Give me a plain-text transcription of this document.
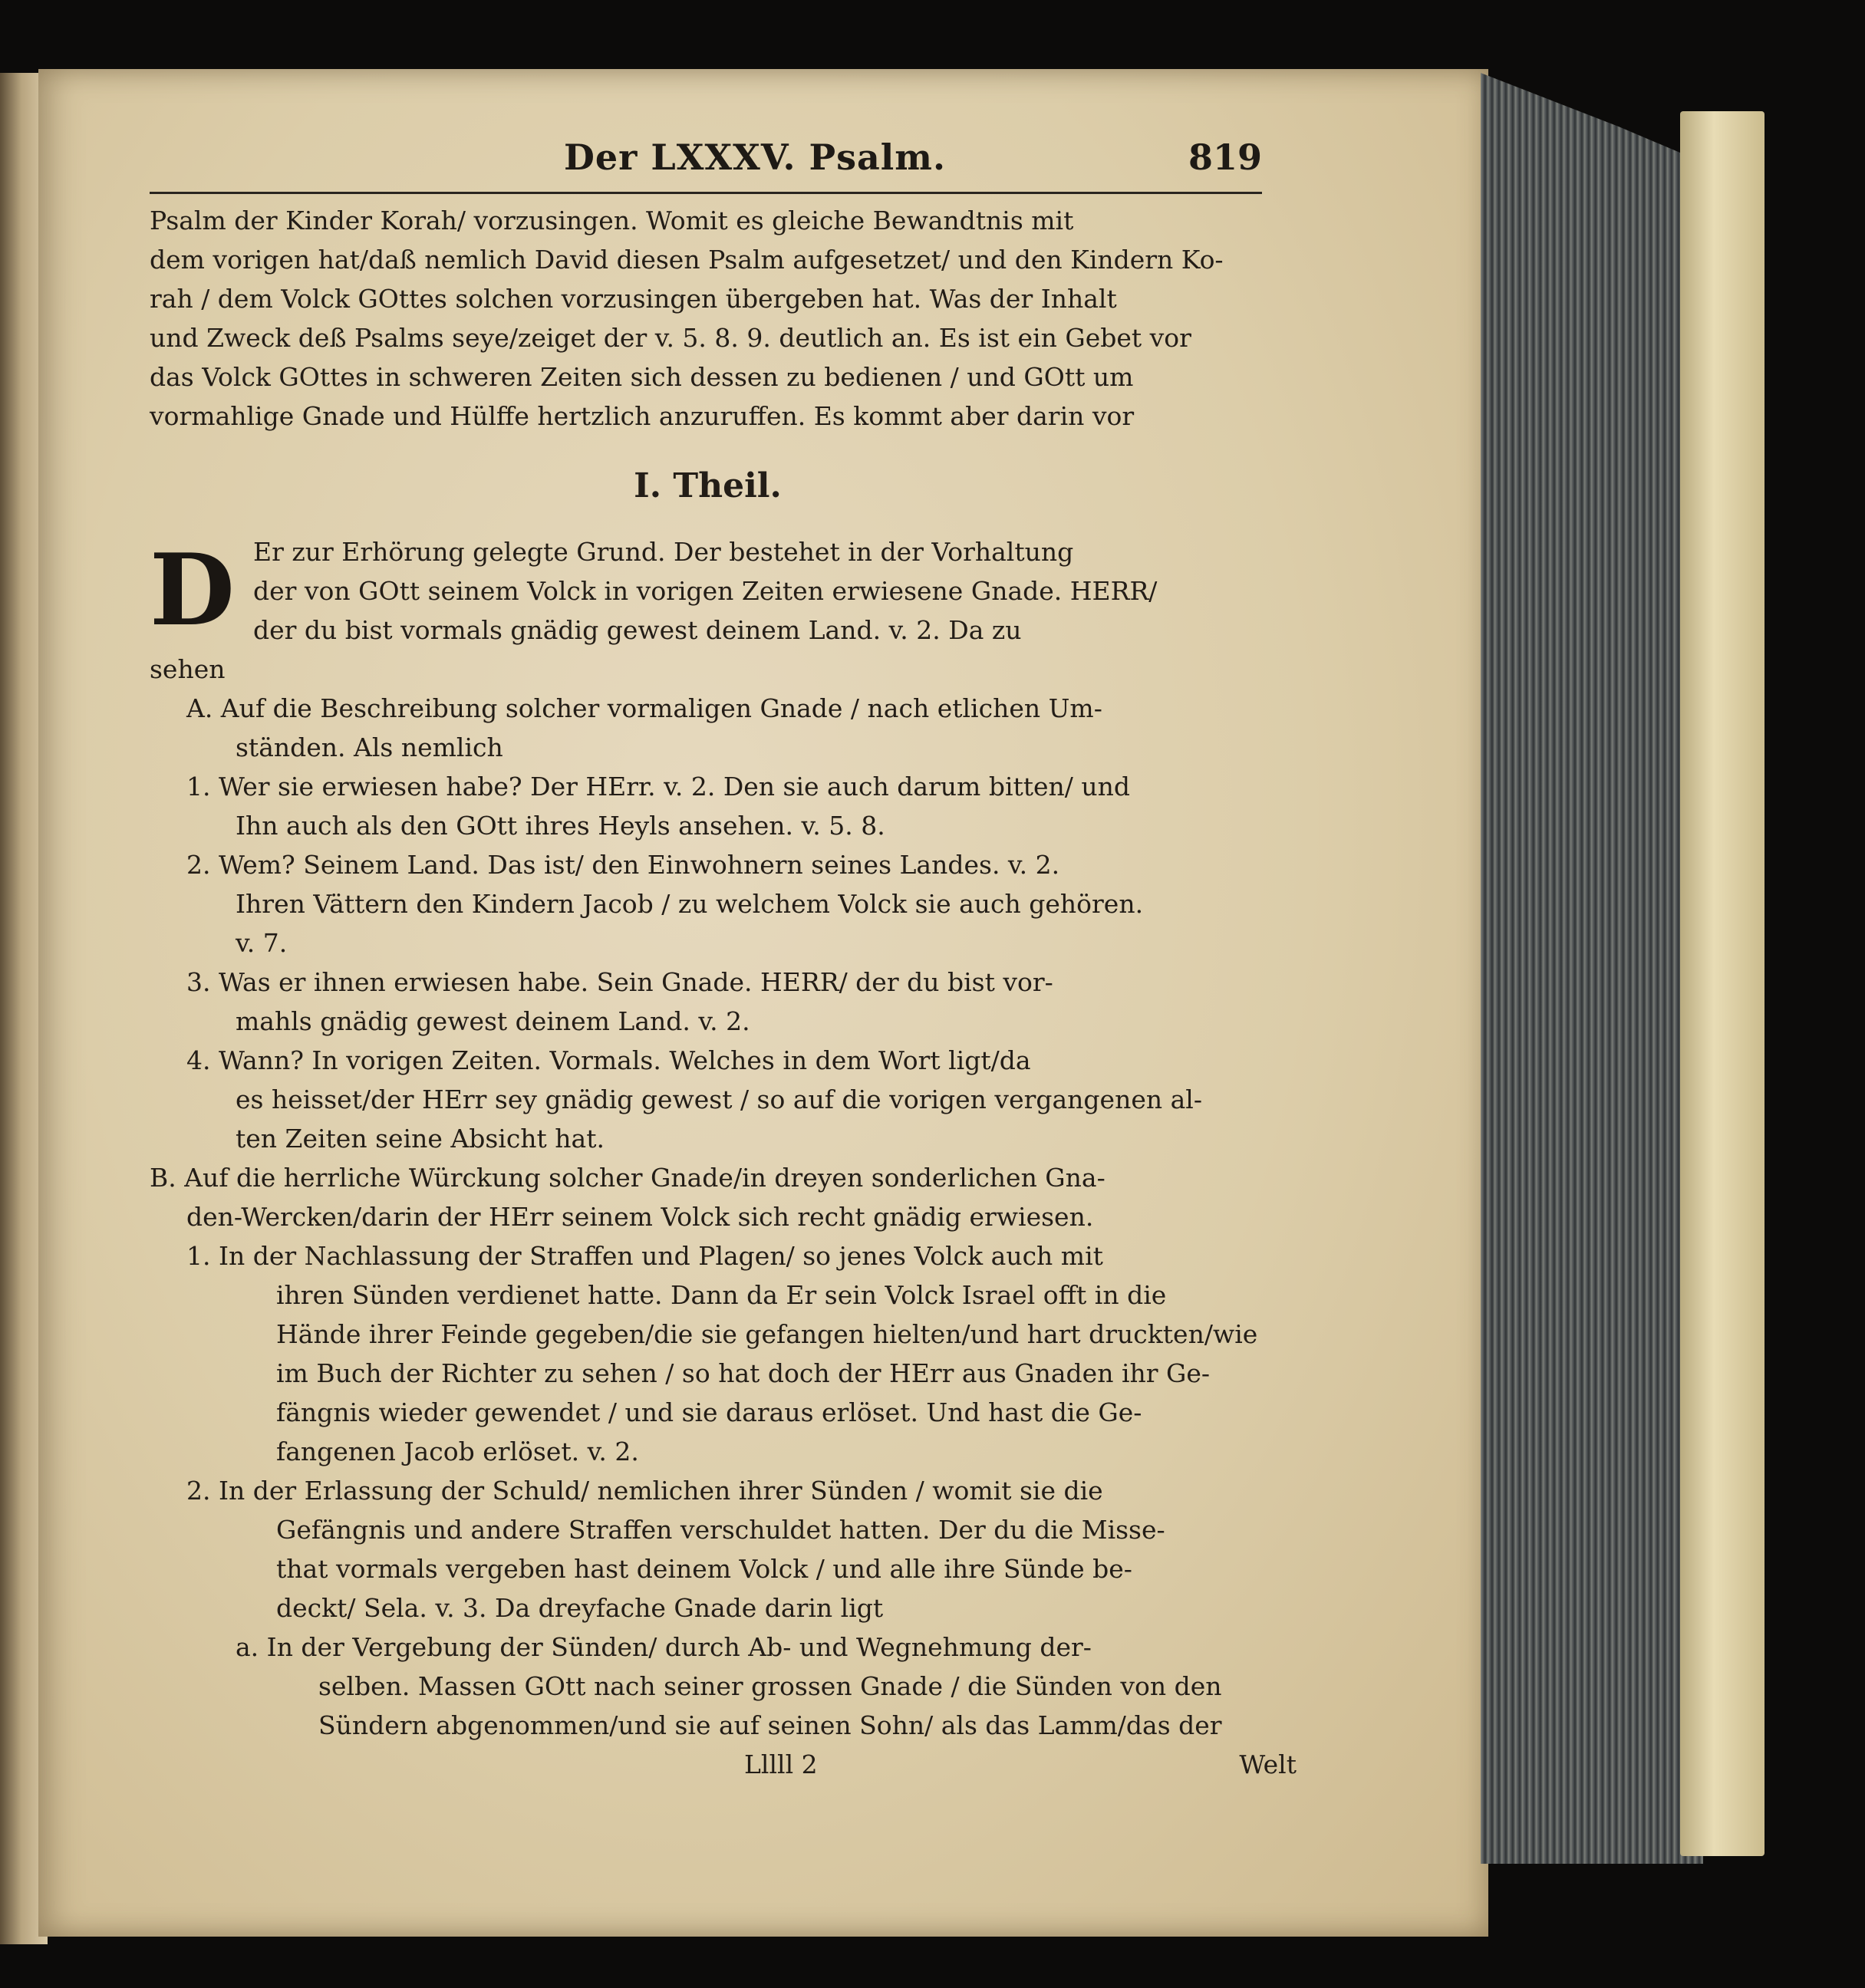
Der LXXXV. Psalm.	819
Psalm der Kinder Korah/ vorzusingen. Womit es gleiche Bewandtnis mit
dem vorigen hat/daß nemlich David diesen Psalm aufgesetzet/ und den Kindern Ko-
rah / dem Volck GOttes solchen vorzusingen übergeben hat. Was der Inhalt
und Zweck deß Psalms seye/zeiget der v. 5. 8. 9. deutlich an. Es ist ein Gebet vor
das Volck GOttes in schweren Zeiten sich dessen zu bedienen / und GOtt um
vormahlige Gnade und Hülffe hertzlich anzuruffen. Es kommt aber darin vor
I. Theil.
D Er zur Erhörung gelegte Grund. Der bestehet in der Vorhaltung
der von GOtt seinem Volck in vorigen Zeiten erwiesene Gnade. HERR/
der du bist vormals gnädig gewest deinem Land. v. 2. Da zu
sehen
A. Auf die Beschreibung solcher vormaligen Gnade / nach etlichen Um-
ständen. Als nemlich
1. Wer sie erwiesen habe? Der HErr. v. 2. Den sie auch darum bitten/ und
Ihn auch als den GOtt ihres Heyls ansehen. v. 5. 8.
2. Wem? Seinem Land. Das ist/ den Einwohnern seines Landes. v. 2.
Ihren Vättern den Kindern Jacob / zu welchem Volck sie auch gehören.
v. 7.
3. Was er ihnen erwiesen habe. Sein Gnade. HERR/ der du bist vor-
mahls gnädig gewest deinem Land. v. 2.
4. Wann? In vorigen Zeiten. Vormals. Welches in dem Wort ligt/da
es heisset/der HErr sey gnädig gewest / so auf die vorigen vergangenen al-
ten Zeiten seine Absicht hat.
B. Auf die herrliche Würckung solcher Gnade/in dreyen sonderlichen Gna-
den-Wercken/darin der HErr seinem Volck sich recht gnädig erwiesen.
1. In der Nachlassung der Straffen und Plagen/ so jenes Volck auch mit
ihren Sünden verdienet hatte. Dann da Er sein Volck Israel offt in die
Hände ihrer Feinde gegeben/die sie gefangen hielten/und hart druckten/wie
im Buch der Richter zu sehen / so hat doch der HErr aus Gnaden ihr Ge-
fängnis wieder gewendet / und sie daraus erlöset. Und hast die Ge-
fangenen Jacob erlöset. v. 2.
2. In der Erlassung der Schuld/ nemlichen ihrer Sünden / womit sie die
Gefängnis und andere Straffen verschuldet hatten. Der du die Misse-
that vormals vergeben hast deinem Volck / und alle ihre Sünde be-
deckt/ Sela. v. 3. Da dreyfache Gnade darin ligt
a. In der Vergebung der Sünden/ durch Ab- und Wegnehmung der-
selben. Massen GOtt nach seiner grossen Gnade / die Sünden von den
Sündern abgenommen/und sie auf seinen Sohn/ als das Lamm/das der
Lllll 2	Welt
